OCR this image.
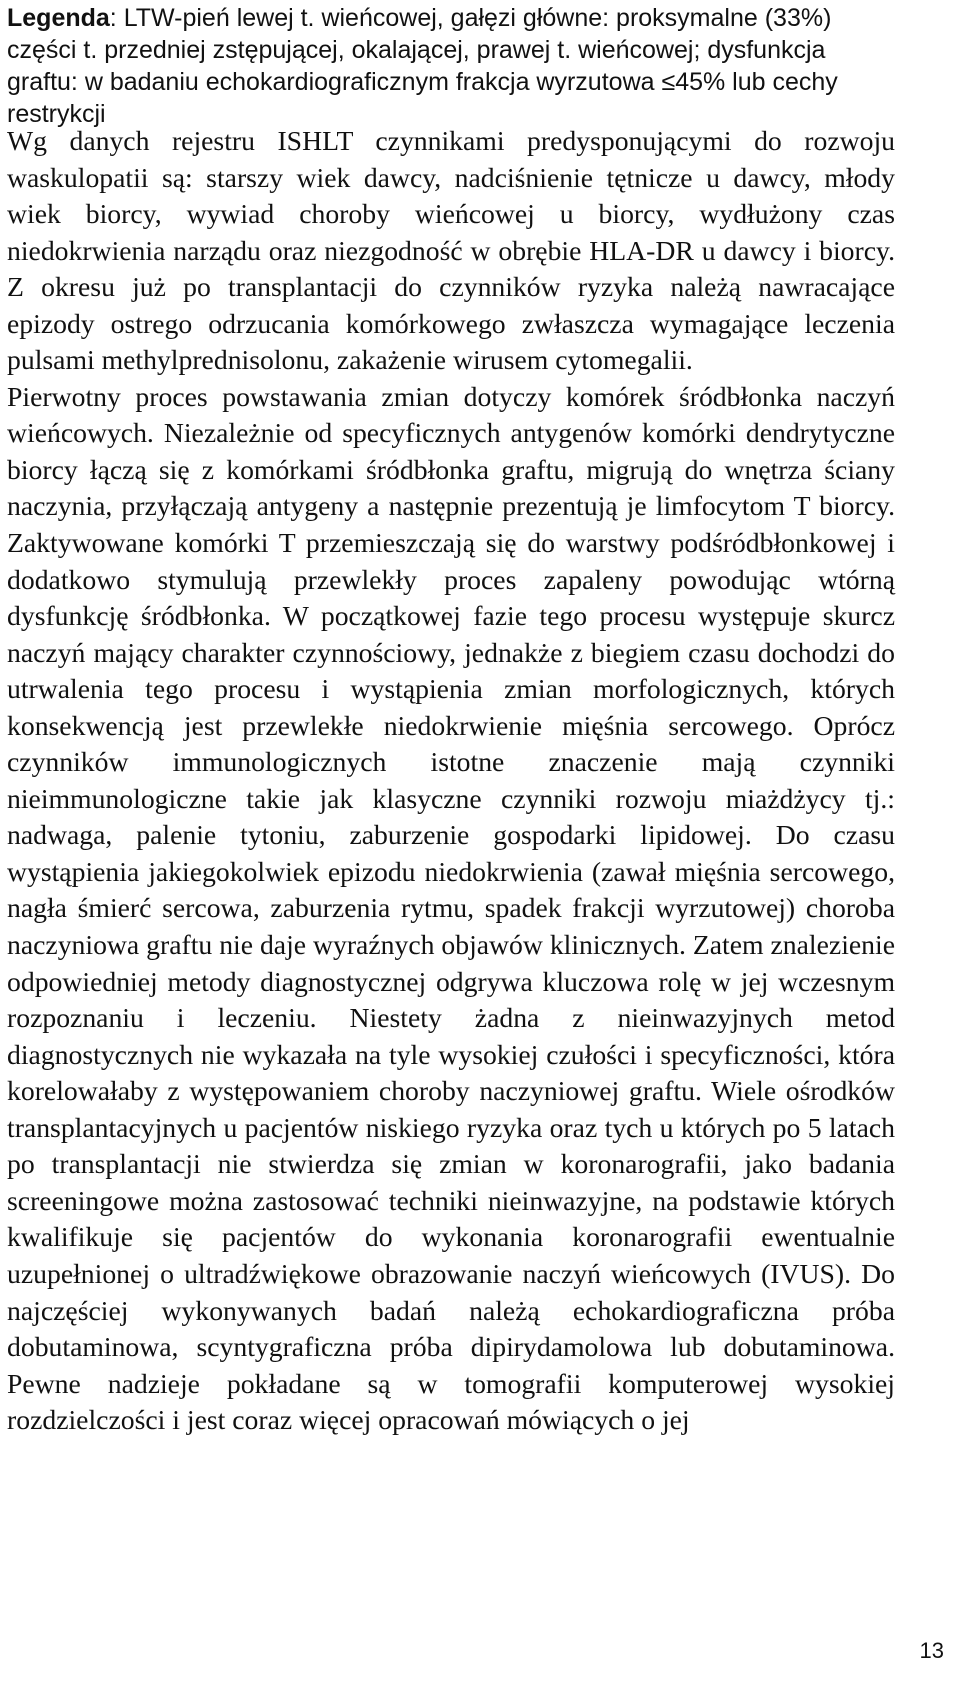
Legenda: LTW-pień lewej t. wieńcowej, gałęzi główne: proksymalne (33%) części t. przedniej zstępującej, okalającej, prawej t. wieńcowej; dysfunkcja graftu: w badaniu echokardiograficznym frakcja wyrzutowa ≤45% lub cechy restrykcji

Wg danych rejestru ISHLT czynnikami predysponującymi do rozwoju waskulopatii są: starszy wiek dawcy, nadciśnienie tętnicze u dawcy, młody wiek biorcy, wywiad choroby wieńcowej u biorcy, wydłużony czas niedokrwienia narządu oraz niezgodność w obrębie HLA-DR u dawcy i biorcy. Z okresu już po transplantacji do czynników ryzyka należą nawracające epizody ostrego odrzucania komórkowego zwłaszcza wymagające leczenia pulsami methylprednisolonu, zakażenie wirusem cytomegalii.

Pierwotny proces powstawania zmian dotyczy komórek śródbłonka naczyń wieńcowych. Niezależnie od specyficznych antygenów komórki dendrytyczne biorcy łączą się z komórkami śródbłonka graftu, migrują do wnętrza ściany naczynia, przyłączają antygeny a następnie prezentują je limfocytom T biorcy. Zaktywowane komórki T przemieszczają się do warstwy podśródbłonkowej i dodatkowo stymulują przewlekły proces zapaleny powodując wtórną dysfunkcję śródbłonka. W początkowej fazie tego procesu występuje skurcz naczyń mający charakter czynnościowy, jednakże z biegiem czasu dochodzi do utrwalenia tego procesu i wystąpienia zmian morfologicznych, których konsekwencją jest przewlekłe niedokrwienie mięśnia sercowego. Oprócz czynników immunologicznych istotne znaczenie mają czynniki nieimmunologiczne takie jak klasyczne czynniki rozwoju miażdżycy tj.: nadwaga, palenie tytoniu, zaburzenie gospodarki lipidowej. Do czasu wystąpienia jakiegokolwiek epizodu niedokrwienia (zawał mięśnia sercowego, nagła śmierć sercowa, zaburzenia rytmu, spadek frakcji wyrzutowej) choroba naczyniowa graftu nie daje wyraźnych objawów klinicznych. Zatem znalezienie odpowiedniej metody diagnostycznej odgrywa kluczowa rolę w jej wczesnym rozpoznaniu i leczeniu. Niestety żadna z nieinwazyjnych metod diagnostycznych nie wykazała na tyle wysokiej czułości i specyficzności, która korelowałaby z występowaniem choroby naczyniowej graftu. Wiele ośrodków transplantacyjnych u pacjentów niskiego ryzyka oraz tych u których po 5 latach po transplantacji nie stwierdza się zmian w koronarografii, jako badania screeningowe można zastosować techniki nieinwazyjne, na podstawie których kwalifikuje się pacjentów do wykonania koronarografii ewentualnie uzupełnionej o ultradźwiękowe obrazowanie naczyń wieńcowych (IVUS). Do najczęściej wykonywanych badań należą echokardiograficzna próba dobutaminowa, scyntygraficzna próba dipirydamolowa lub dobutaminowa. Pewne nadzieje pokładane są w tomografii komputerowej wysokiej rozdzielczości i jest coraz więcej opracowań mówiących o jej

13
